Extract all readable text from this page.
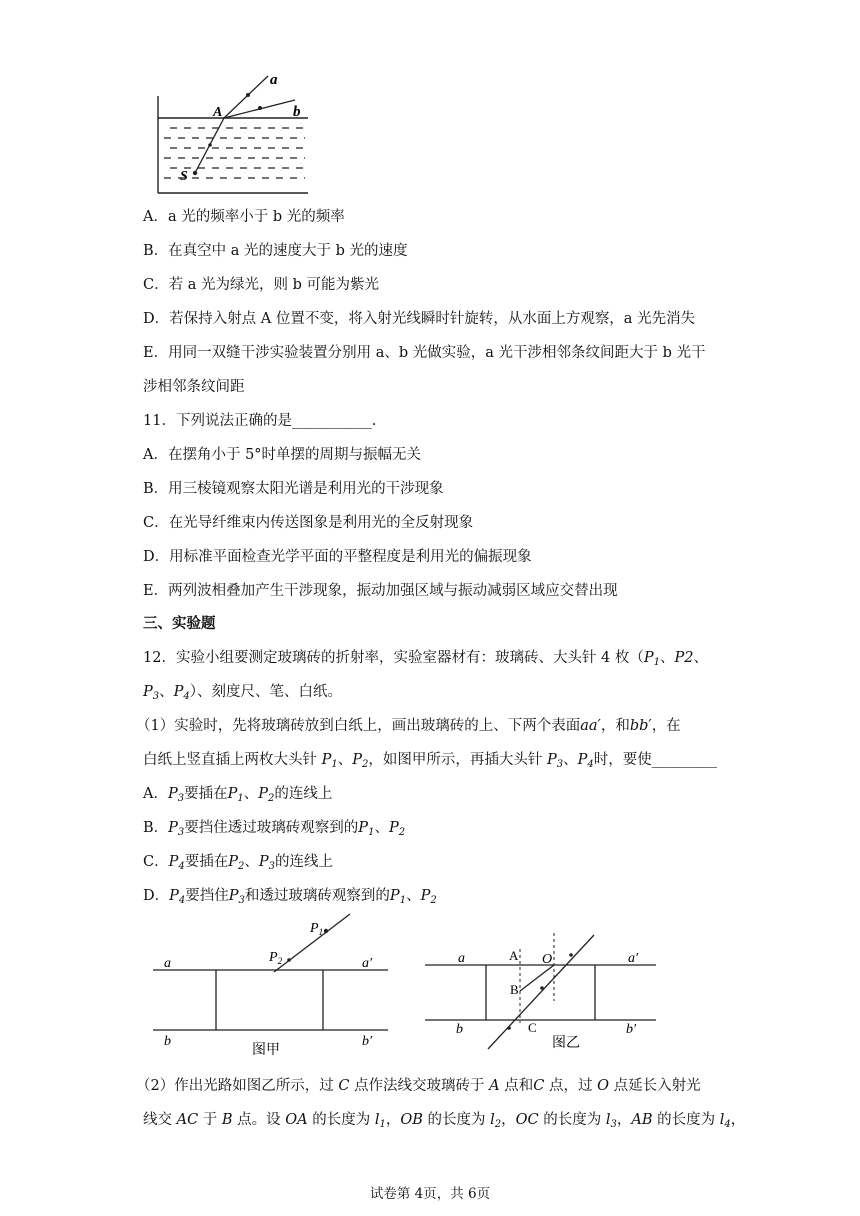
a
b
A
S
A．a 光的频率小于 b 光的频率
B．在真空中 a 光的速度大于 b 光的速度
C．若 a 光为绿光，则 b 可能为紫光
D．若保持入射点 A 位置不变，将入射光线瞬时针旋转，从水面上方观察，a 光先消失
E．用同一双缝干涉实验装置分别用 a、b 光做实验，a 光干涉相邻条纹间距大于 b 光干
涉相邻条纹间距
11．下列说法正确的是___________.
A．在摆角小于 5°时单摆的周期与振幅无关
B．用三棱镜观察太阳光谱是利用光的干涉现象
C．在光导纤维束内传送图象是利用光的全反射现象
D．用标准平面检查光学平面的平整程度是利用光的偏振现象
E．两列波相叠加产生干涉现象，振动加强区域与振动减弱区域应交替出现
三、实验题
12．实验小组要测定玻璃砖的折射率，实验室器材有：玻璃砖、大头针 4 枚（$P_1$、P2、
$P_3$、$P_4$）、刻度尺、笔、白纸。
（1）实验时，先将玻璃砖放到白纸上，画出玻璃砖的上、下两个表面aa′，和bb′，在
白纸上竖直插上两枚大头针 $P_1$、$P_2$，如图甲所示，再插大头针 $P_3$、$P_4$时，要使_________
A．$P_3$要插在$P_1$、$P_2$的连线上
B．$P_3$要挡住透过玻璃砖观察到的$P_1$、$P_2$
C．$P_4$要插在$P_2$、$P_3$的连线上
D．$P_4$要挡住$P_3$和透过玻璃砖观察到的$P_1$、$P_2$
a	a′
b	b′
$P_1$
$P_2$
图甲
a	a′
b	b′
A O
B
C
图乙
（2）作出光路如图乙所示，过 C 点作法线交玻璃砖于 A 点和C 点，过 O 点延长入射光
线交 AC 于 B 点。设 OA 的长度为 $l_1$，OB 的长度为 $l_2$，OC 的长度为 $l_3$，AB 的长度为 $l_4$，
试卷第 4页，共 6页
